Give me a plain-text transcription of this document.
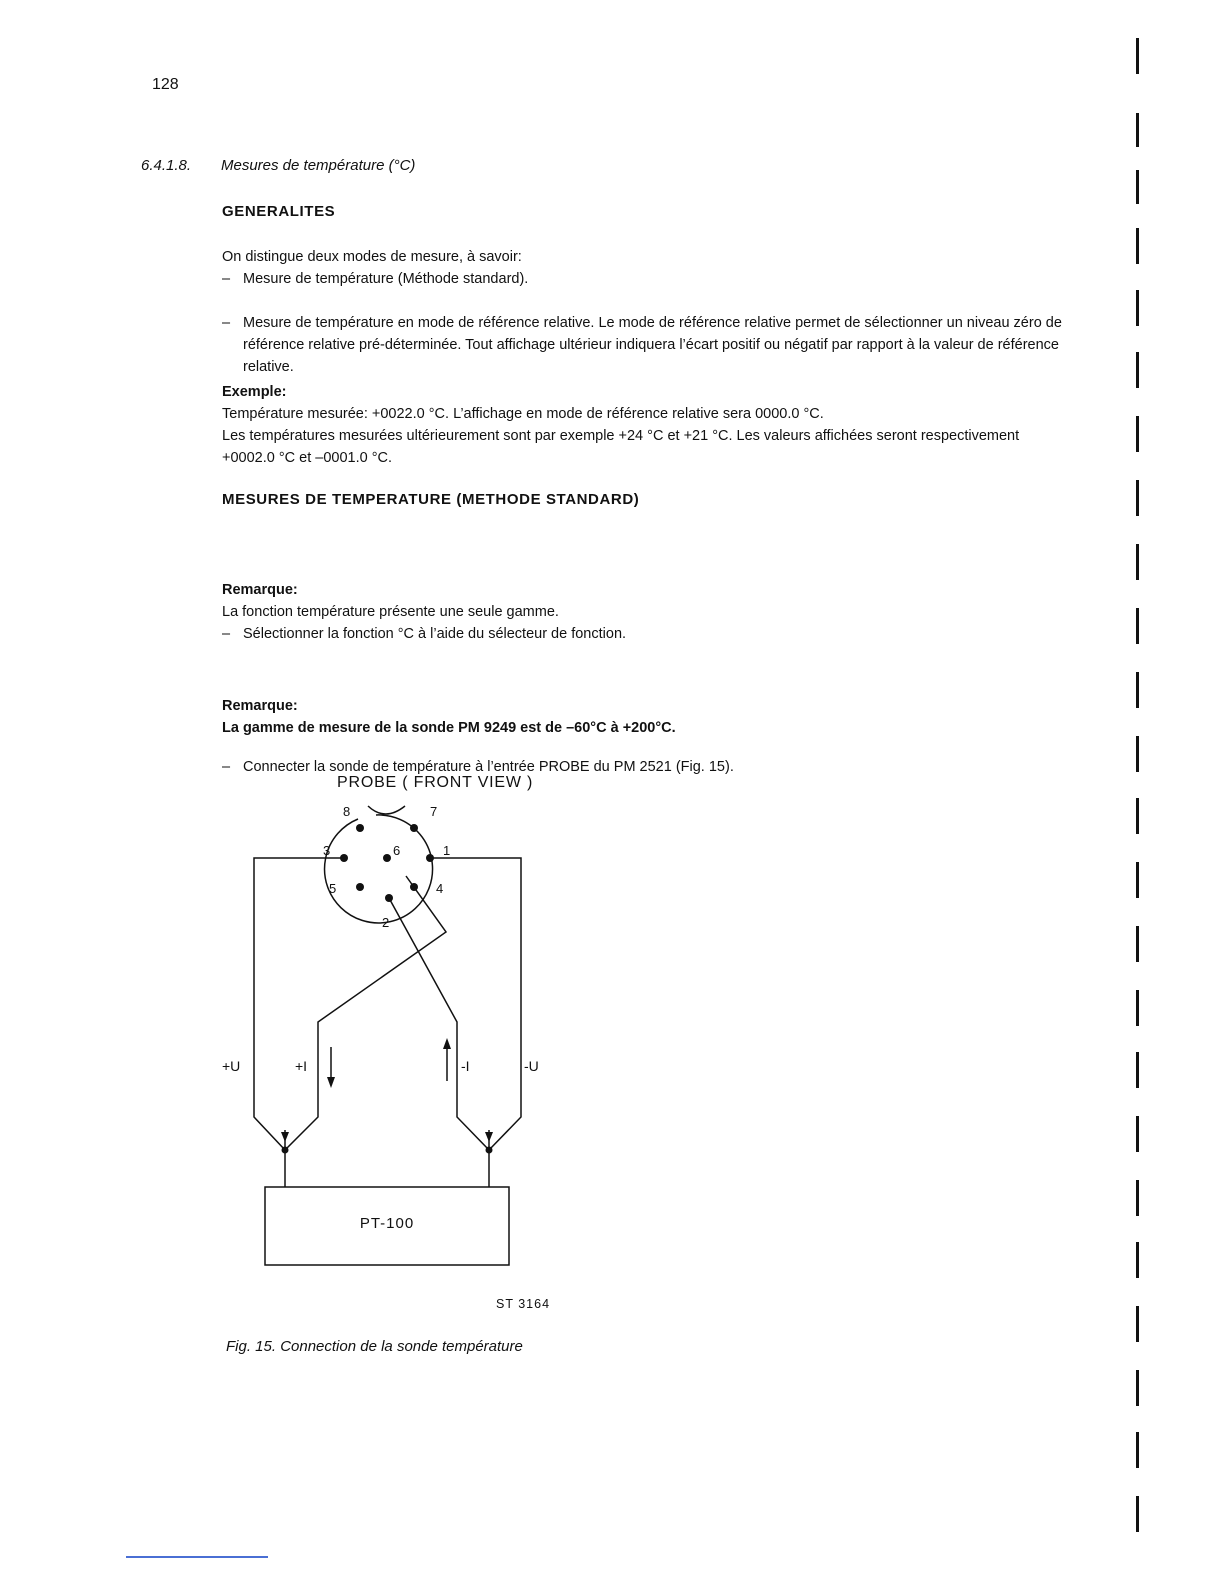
128
6.4.1.8. Mesures de température (°C)
GENERALITES
On distingue deux modes de mesure, à savoir:
– Mesure de température (Méthode standard).
– Mesure de température en mode de référence relative. Le mode de référence relative permet de sélectionner un niveau zéro de référence relative pré-déterminée. Tout affichage ultérieur indiquera l’écart positif ou négatif par rapport à la valeur de référence relative.
Exemple:
Température mesurée: +0022.0 °C. L’affichage en mode de référence relative sera 0000.0 °C.
Les températures mesurées ultérieurement sont par exemple +24 °C et +21 °C. Les valeurs affichées seront respectivement +0002.0 °C et –0001.0 °C.
MESURES DE TEMPERATURE (METHODE STANDARD)
– Sélectionner la fonction °C à l’aide du sélecteur de fonction.
Remarque:
La fonction température présente une seule gamme.
– Connecter la sonde de température à l’entrée PROBE du PM 2521 (Fig. 15).
Remarque:
La gamme de mesure de la sonde PM 9249 est de –60°C à +200°C.
8	7
3	6	1
5	4
2
+U	+I	-I	-U
PT-100
PROBE ( FRONT VIEW )
ST 3164
Fig. 15. Connection de la sonde température
